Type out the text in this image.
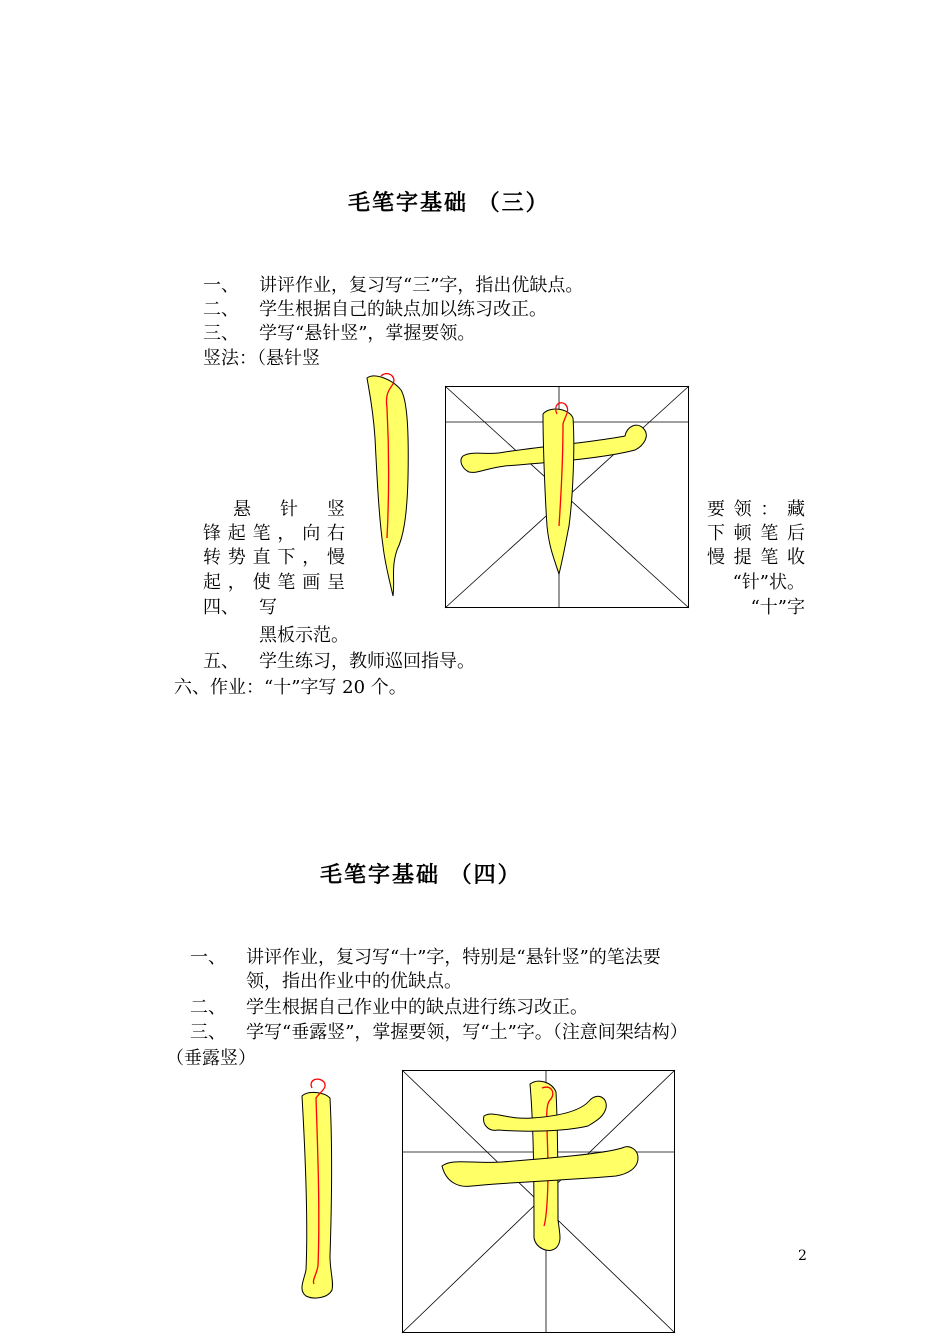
毛笔字基础 （三）
一、 讲评作业，复习写“三”字，指出优缺点。
二、 学生根据自己的缺点加以练习改正。
三、 学写“悬针竖”，掌握要领。
竖法：（悬针竖
悬 针 竖
锋起笔，向右
转势直下，慢
起，使笔画呈
四、 写
黑板示范。
五、 学生练习，教师巡回指导。
六、作业：“十”字写 20 个。
要领：藏
下顿笔后
慢提笔收
“针”状。
“十”字
毛笔字基础 （四）
一、 讲评作业，复习写“十”字，特别是“悬针竖”的笔法要
领，指出作业中的优缺点。
二、 学生根据自己作业中的缺点进行练习改正。
三、 学写“垂露竖”，掌握要领，写“土”字。（注意间架结构）
（垂露竖）
2
